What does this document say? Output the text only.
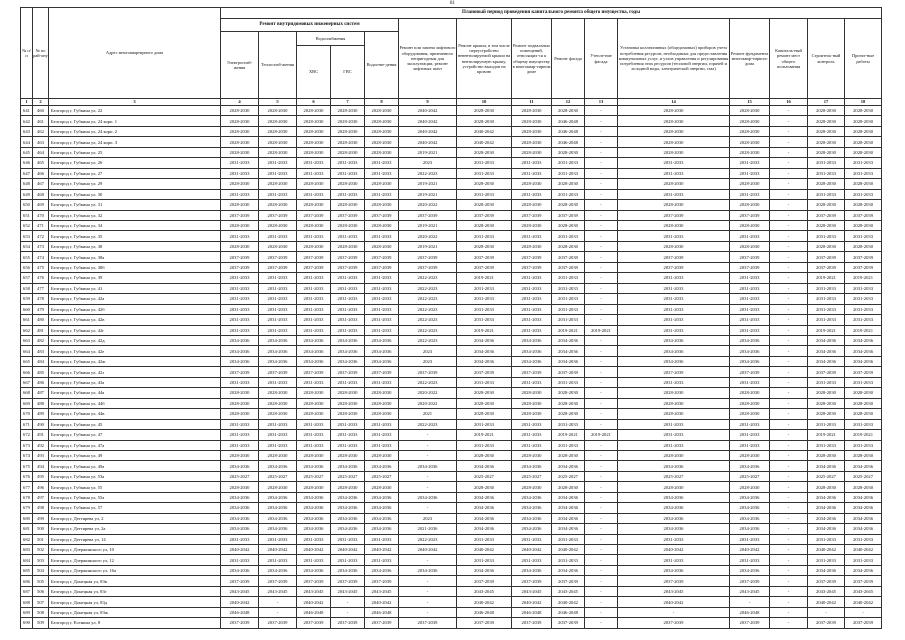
81
№ п/п	№ по рай-ону	Адрес многоквартирного дома	Плановый период проведения капитального ремонта общего имущества, годы														
			Ремонт внутридомовых инженерных систем					Ремонт или замена лифтового оборудования, признанного непригодным для эксплуатации, ремонт лифтовых шахт	Ремонт крыши, в том числе переустройство невентилируемой крыши на вентилируемую крышу, устройство выходов на кровлю	Ремонт подвальных помещений, относящих-ся к общему имуществу в многоквар-тирном доме	Ремонт фасада	Утепле-ние фасада	Установка коллективных (общедомовых) приборов учета потребления ресурсов, необходимых для предоставления коммунальных услуг, и узлов управления и регулирования потребления этих ресурсов (тепловой энергии, горячей и холодной воды, электрической энергии, газа)	Ремонт фундамента многоквар-тирного дома	Капиталь-ный ремонт мест общего пользования	Строитель-ный контроль	Проект-ные работы
			Электроснаб-жения	Теплоснаб-жения	Водоснабжения		Водоотве-дения										
					ХВС	ГВС											
1	2	3	4	5	6	7	8	9	10	11	12	13	14	15	16	17	18
641	460	Белгород г, Губкина ул, 22	2028-2030	2028-2030	2028-2030	2028-2030	2028-2030	2040-2042	2028-2030	2028-2030	2028-2030	-	2028-2030	2028-2030	-	2028-2030	2028-2030
642	461	Белгород г, Губкина ул, 24 корп. 1	2028-2030	2028-2030	2028-2030	2028-2030	2028-2030	2040-2042	2028-2030	2028-2030	2046-2048	-	2028-2030	2028-2030	-	2028-2030	2028-2030
643	462	Белгород г, Губкина ул, 24 корп. 2	2028-2030	2028-2030	2028-2030	2028-2030	2028-2030	2040-2042	2040-2042	2028-2030	2046-2048	-	2028-2030	2028-2030	-	2028-2030	2028-2030
644	463	Белгород г, Губкина ул, 24 корп. 3	2028-2030	2028-2030	2028-2030	2028-2030	2028-2030	2040-2042	2040-2042	2028-2030	2046-2048	-	2028-2030	2028-2030	-	2028-2030	2028-2030
645	464	Белгород г, Губкина ул, 25	2028-2030	2028-2030	2028-2030	2028-2030	2028-2030	2019-2021	2028-2030	2028-2030	2028-2030	-	2028-2030	2028-2030	-	2028-2030	2028-2030
646	465	Белгород г, Губкина ул, 26	2031-2033	2031-2033	2031-2033	2031-2033	2031-2033	2023	2031-2033	2031-2033	2031-2033	-	2031-2033	2031-2033	-	2031-2033	2031-2033
647	466	Белгород г, Губкина ул, 27	2031-2033	2031-2033	2031-2033	2031-2033	2031-2033	2022-2023	2031-2033	2031-2033	2031-2033	-	2031-2033	2031-2033	-	2031-2033	2031-2033
648	467	Белгород г, Губкина ул, 29	2028-2030	2028-2030	2028-2030	2028-2030	2028-2030	2019-2021	2028-2030	2028-2030	2028-2030	-	2028-2030	2028-2030	-	2028-2030	2028-2030
649	468	Белгород г, Губкина ул, 30	2031-2033	2031-2033	2031-2033	2031-2033	2031-2033	2019-2021	2031-2033	2031-2033	2031-2033	-	2031-2033	2031-2033	-	2031-2033	2031-2033
650	469	Белгород г, Губкина ул, 31	2028-2030	2028-2030	2028-2030	2028-2030	2028-2030	2020-2022	2028-2030	2028-2030	2028-2030	-	2028-2030	2028-2030	-	2028-2030	2028-2030
651	470	Белгород г, Губкина ул, 32	2037-2039	2037-2039	2037-2039	2037-2039	2037-2039	2037-2039	2037-2039	2037-2039	2037-2039	-	2037-2039	2037-2039	-	2037-2039	2037-2039
652	471	Белгород г, Губкина ул, 34	2028-2030	2028-2030	2028-2030	2028-2030	2028-2030	2019-2021	2028-2030	2028-2030	2028-2030	-	2028-2030	2028-2030	-	2028-2030	2028-2030
653	472	Белгород г, Губкина ул, 35	2031-2033	2031-2033	2031-2033	2031-2033	2031-2033	2020-2022	2031-2033	2031-2033	2031-2033	-	2031-2033	2031-2033	-	2031-2033	2031-2033
654	473	Белгород г, Губкина ул, 38	2028-2030	2028-2030	2028-2030	2028-2030	2028-2030	2019-2021	2028-2030	2028-2030	2028-2030	-	2028-2030	2028-2030	-	2028-2030	2028-2030
655	474	Белгород г, Губкина ул, 38а	2037-2039	2037-2039	2037-2039	2037-2039	2037-2039	2037-2039	2037-2039	2037-2039	2037-2039	-	2037-2039	2037-2039	-	2037-2039	2037-2039
656	475	Белгород г, Губкина ул, 38б	2037-2039	2037-2039	2037-2039	2037-2039	2037-2039	2037-2039	2037-2039	2037-2039	2037-2039	-	2037-2039	2037-2039	-	2037-2039	2037-2039
657	476	Белгород г, Губкина ул, 39	2031-2033	2031-2033	2031-2033	2031-2033	2031-2033	2022-2023	2019-2021	2031-2033	2031-2033	-	2031-2033	2031-2033	-	2019-2021	2019-2021
658	477	Белгород г, Губкина ул, 41	2031-2033	2031-2033	2031-2033	2031-2033	2031-2033	2022-2023	2031-2033	2031-2033	2031-2033	-	2031-2033	2031-2033	-	2031-2033	2031-2033
659	478	Белгород г, Губкина ул, 42а	2031-2033	2031-2033	2031-2033	2031-2033	2031-2033	2022-2023	2031-2033	2031-2033	2031-2033	-	2031-2033	2031-2033	-	2031-2033	2031-2033
660	479	Белгород г, Губкина ул, 42б	2031-2033	2031-2033	2031-2033	2031-2033	2031-2033	2022-2023	2031-2033	2031-2033	2031-2033	-	2031-2033	2031-2033	-	2031-2033	2031-2033
661	480	Белгород г, Губкина ул, 42в	2031-2033	2031-2033	2031-2033	2031-2033	2031-2033	2022-2023	2031-2033	2031-2033	2031-2033	-	2031-2033	2031-2033	-	2031-2033	2031-2033
662	481	Белгород г, Губкина ул, 42г	2031-2033	2031-2033	2031-2033	2031-2033	2031-2033	2022-2023	2019-2021	2031-2033	2019-2021	2019-2021	2031-2033	2031-2033	-	2019-2021	2019-2021
663	482	Белгород г, Губкина ул, 42д	2034-2036	2034-2036	2034-2036	2034-2036	2034-2036	2022-2023	2034-2036	2034-2036	2034-2036	-	2034-2036	2034-2036	-	2034-2036	2034-2036
664	483	Белгород г, Губкина ул, 42е	2034-2036	2034-2036	2034-2036	2034-2036	2034-2036	2023	2034-2036	2034-2036	2034-2036	-	2034-2036	2034-2036	-	2034-2036	2034-2036
665	484	Белгород г, Губкина ул, 42ж	2034-2036	2034-2036	2034-2036	2034-2036	2034-2036	2023	2034-2036	2034-2036	2034-2036	-	2034-2036	2034-2036	-	2034-2036	2034-2036
666	485	Белгород г, Губкина ул, 42з	2037-2039	2037-2039	2037-2039	2037-2039	2037-2039	2037-2039	2037-2039	2037-2039	2037-2039	-	2037-2039	2037-2039	-	2037-2039	2037-2039
667	486	Белгород г, Губкина ул, 43а	2031-2033	2031-2033	2031-2033	2031-2033	2031-2033	2022-2023	2031-2033	2031-2033	2031-2033	-	2031-2033	2031-2033	-	2031-2033	2031-2033
668	487	Белгород г, Губкина ул, 44а	2028-2030	2028-2030	2028-2030	2028-2030	2028-2030	2020-2022	2028-2030	2028-2030	2028-2030	-	2028-2030	2028-2030	-	2028-2030	2028-2030
669	488	Белгород г, Губкина ул, 44б	2028-2030	2028-2030	2028-2030	2028-2030	2028-2030	2020-2022	2028-2030	2028-2030	2028-2030	-	2028-2030	2028-2030	-	2028-2030	2028-2030
670	489	Белгород г, Губкина ул, 44в	2028-2030	2028-2030	2028-2030	2028-2030	2028-2030	2021	2028-2030	2028-2030	2028-2030	-	2028-2030	2028-2030	-	2028-2030	2028-2030
671	490	Белгород г, Губкина ул, 45	2031-2033	2031-2033	2031-2033	2031-2033	2031-2033	2022-2023	2031-2033	2031-2033	2031-2033	-	2031-2033	2031-2033	-	2031-2033	2031-2033
672	491	Белгород г, Губкина ул, 47	2031-2033	2031-2033	2031-2033	2031-2033	2031-2033	-	2019-2021	2031-2033	2019-2021	2019-2021	2031-2033	2031-2033	-	2019-2021	2019-2021
673	492	Белгород г, Губкина ул, 47а	2031-2033	2031-2033	2031-2033	2031-2033	2031-2033	-	2031-2033	2031-2033	2031-2033	-	2031-2033	2031-2033	-	2031-2033	2031-2033
674	493	Белгород г, Губкина ул, 49	2028-2030	2028-2030	2028-2030	2028-2030	2028-2030	-	2028-2030	2028-2030	2028-2030	-	2028-2030	2028-2030	-	2028-2030	2028-2030
675	494	Белгород г, Губкина ул, 49а	2034-2036	2034-2036	2034-2036	2034-2036	2034-2036	2034-2036	2034-2036	2034-2036	2034-2036	-	2034-2036	2034-2036	-	2034-2036	2034-2036
676	495	Белгород г, Губкина ул, 53а	2025-2027	2025-2027	2025-2027	2025-2027	2025-2027	-	2025-2027	2025-2027	2025-2027	-	2025-2027	2025-2027	-	2025-2027	2025-2027
677	496	Белгород г, Губкина ул, 55	2028-2030	2028-2030	2028-2030	2028-2030	2028-2030	-	2028-2030	2028-2030	2028-2030	-	2028-2030	2028-2030	-	2028-2030	2028-2030
678	497	Белгород г, Губкина ул, 55а	2034-2036	2034-2036	2034-2036	2034-2036	2034-2036	2034-2036	2034-2036	2034-2036	2034-2036	-	2034-2036	2034-2036	-	2034-2036	2034-2036
679	498	Белгород г, Губкина ул, 57	2034-2036	2034-2036	2034-2036	2034-2036	2034-2036	-	2034-2036	2034-2036	2034-2036	-	2034-2036	2034-2036	-	2034-2036	2034-2036
680	499	Белгород г, Дегтярева ул, 2	2034-2036	2034-2036	2034-2036	2034-2036	2034-2036	2023	2034-2036	2034-2036	2034-2036	-	2034-2036	2034-2036	-	2034-2036	2034-2036
681	500	Белгород г, Дегтярева ул, 2а	2034-2036	2034-2036	2034-2036	2034-2036	2034-2036	2021-2036	2034-2036	2034-2036	2034-2036	-	2034-2036	2034-2036	-	2034-2036	2034-2036
682	501	Белгород г, Дегтярева ул, 14	2031-2033	2031-2033	2031-2033	2031-2033	2031-2033	2022-2023	2031-2033	2031-2033	2031-2033	-	2031-2033	2031-2033	-	2031-2033	2031-2033
683	502	Белгород г, Дзержинского ул, 10	2040-2042	2040-2042	2040-2042	2040-2042	2040-2042	2040-2042	2040-2042	2040-2042	2040-2042	-	2040-2042	2040-2042	-	2040-2042	2040-2042
684	503	Белгород г, Дзержинского ул, 12	2031-2033	2031-2033	2031-2033	2031-2033	2031-2033	-	2031-2033	2031-2033	2031-2033	-	2031-2033	2031-2033	-	2031-2033	2031-2033
685	504	Белгород г, Дзержинского ул, 16а	2034-2036	2034-2036	2034-2036	2034-2036	2034-2036	2034-2036	2034-2036	2034-2036	2034-2036	-	2034-2036	2034-2036	-	2034-2036	2034-2036
686	505	Белгород г, Донецкая ул, 83в	2037-2039	2037-2039	2037-2039	2037-2039	2037-2039	-	2037-2039	2037-2039	2037-2039	-	2037-2039	2037-2039	-	2037-2039	2037-2039
687	506	Белгород г, Донецкая ул, 83г	2043-2045	2043-2045	2043-2045	2043-2045	2043-2045	-	2043-2045	2043-2045	2043-2045	-	2043-2045	2043-2045	-	2043-2045	2043-2045
688	507	Белгород г, Донецкая ул, 83д	2040-2042	-	2040-2042	-	2040-2042	-	2040-2042	2040-2042	2040-2042	-	2040-2042	-	-	2040-2042	2040-2042
689	508	Белгород г, Донецкая ул, 83ж	2046-2048	-	2046-2048	-	2046-2048	-	2046-2048	2046-2048	2046-2048	-	-	2046-2048	-	-	-
690	509	Белгород г, Есенина ул, 8	2037-2039	2037-2039	2037-2039	2037-2039	2037-2039	2037-2039	2037-2039	2037-2039	2037-2039	-	2037-2039	2037-2039	-	2037-2039	2037-2039
